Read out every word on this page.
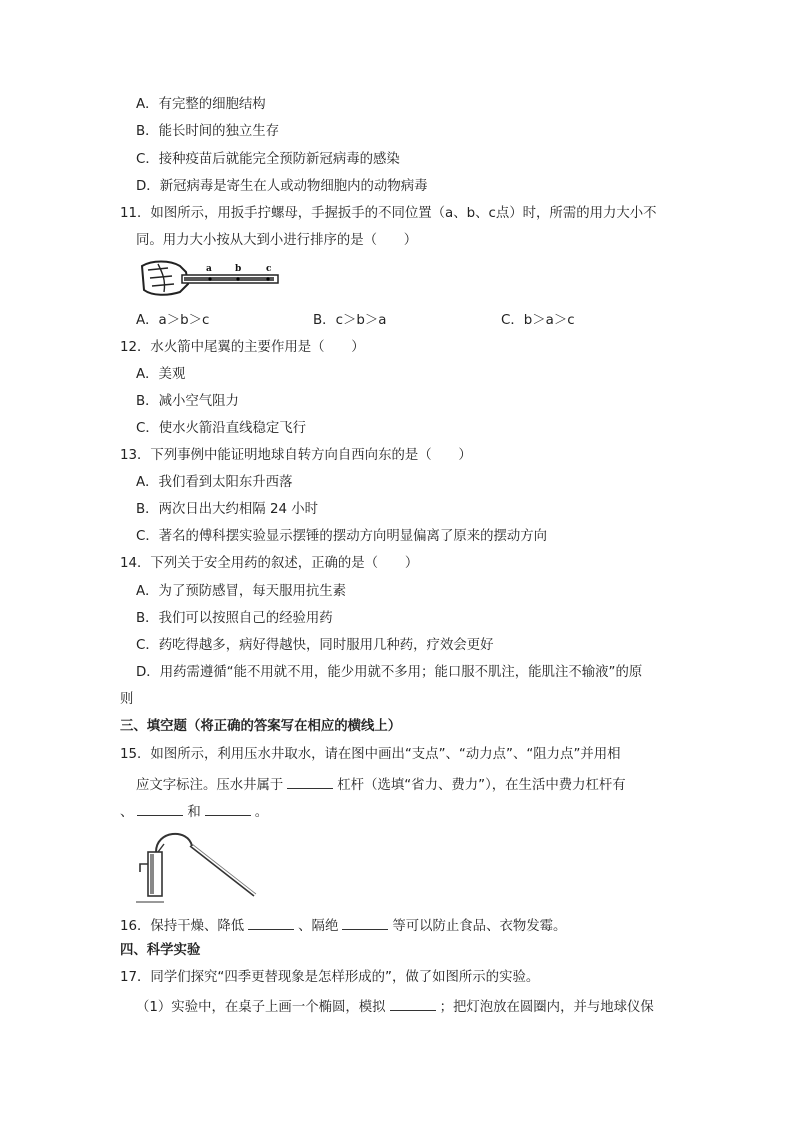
A．有完整的细胞结构
B．能长时间的独立生存
C．接种疫苗后就能完全预防新冠病毒的感染
D．新冠病毒是寄生在人或动物细胞内的动物病毒
11．如图所示，用扳手拧螺母，手握扳手的不同位置（a、b、c点）时，所需的用力大小不
同。用力大小按从大到小进行排序的是（　　）
a	b	c
A．a＞b＞c	B．c＞b＞a	C．b＞a＞c
12．水火箭中尾翼的主要作用是（　　）
A．美观
B．减小空气阻力
C．使水火箭沿直线稳定飞行
13．下列事例中能证明地球自转方向自西向东的是（　　）
A．我们看到太阳东升西落
B．两次日出大约相隔 24 小时
C．著名的傅科摆实验显示摆锤的摆动方向明显偏离了原来的摆动方向
14．下列关于安全用药的叙述，正确的是（　　）
A．为了预防感冒，每天服用抗生素
B．我们可以按照自己的经验用药
C．药吃得越多，病好得越快，同时服用几种药，疗效会更好
D．用药需遵循“能不用就不用，能少用就不多用；能口服不肌注，能肌注不输液”的原
则
三、填空题（将正确的答案写在相应的横线上）
15．如图所示，利用压水井取水，请在图中画出“支点”、“动力点”、“阻力点”并用相
应文字标注。压水井属于	杠杆（选填“省力、费力”），在生活中费力杠杆有
、	和	。
16．保持干燥、降低	、隔绝	等可以防止食品、衣物发霉。
四、科学实验
17．同学们探究“四季更替现象是怎样形成的”，做了如图所示的实验。
（1）实验中，在桌子上画一个椭圆，模拟	；把灯泡放在圆圈内，并与地球仪保
